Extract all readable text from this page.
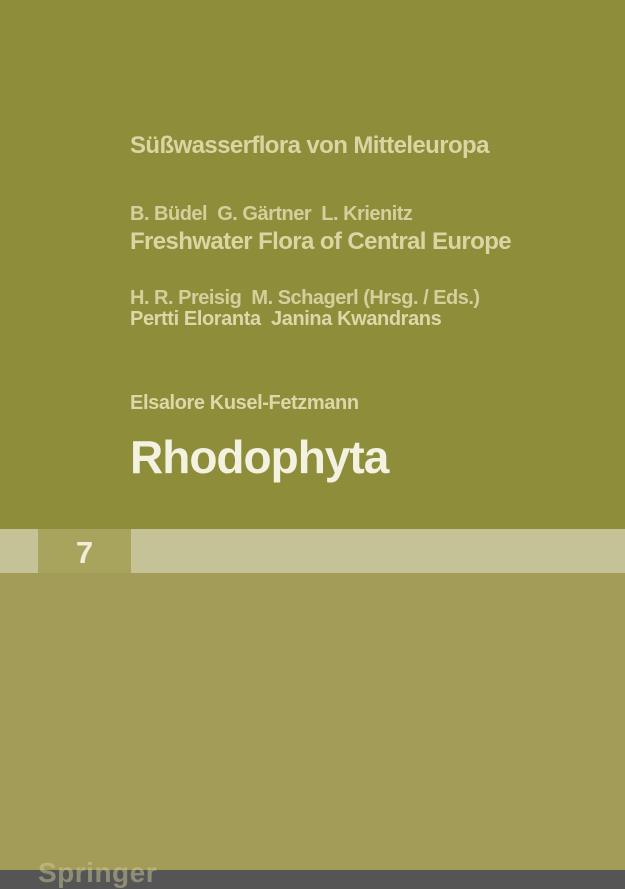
Süßwasserflora von Mitteleuropa

Freshwater Flora of Central Europe

B. Büdel  G. Gärtner  L. Krienitz

H. R. Preisig  M. Schagerl (Hrsg. / Eds.)

Pertti Eloranta  Janina Kwandrans

Elsalore Kusel-Fetzmann

Rhodophyta

7
Springer
